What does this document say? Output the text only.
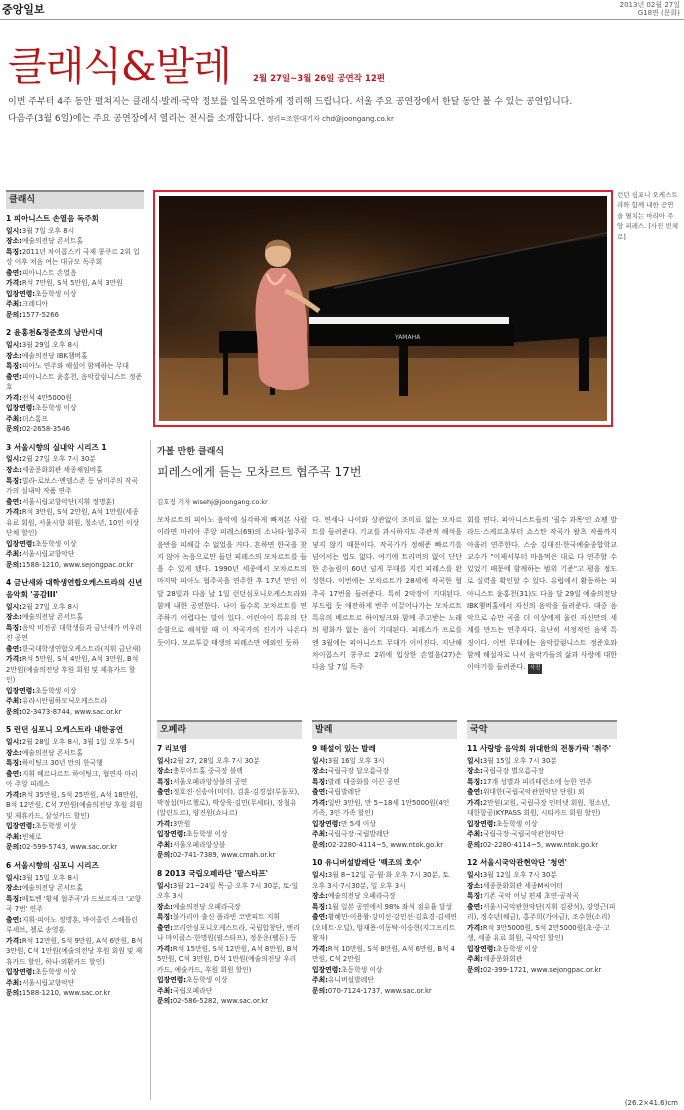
중앙일보	2013년 02월 27일
G18면 (문화)
클래식&발레	2월 27일~3월 26일 공연작 12편
이번 주부터 4주 동안 펼쳐지는 클래식·발레·국악 정보를 일목요연하게 정리해 드립니다. 서울 주요 공연장에서 한달 동안 볼 수 있는 공연입니다.
다음주(3월 6일)에는 주요 공연장에서 열리는 전시를 소개합니다. 정리=조한대기자 chd@joongang.co.kr
클래식
1 피아니스트 손열음 독주회
일시:3월 7일 오후 8시
장소:예술의전당 콘서트홀
특징:2011년 차이콥스키 국제 콩쿠르 2위 입상 이후 처음 여는 대규모 독주회
출연:피아니스트 손열음
가격:R석 7만원, S석 5만원, A석 3만원
입장연령:초등학생 이상
주최:크레디아
문의:1577-5266
2 윤홍천&정준호의 낭만시대
일시:3월 29일 오후 8시
장소:예술의전당 IBK챔버홀
특징:피아노 연주와 해설이 함께하는 무대
출연:피아니스트 윤홍천, 음악칼럼니스트 정준호
가격:전석 4만5000원
입장연령:초등학생 이상
주최:더스톰프
문의:02-2658-3546
3 서울시향의 실내악 시리즈 1
일시:2월 27일 오후 7시 30분
장소:세종문화회관 세종체임버홀
특징:빌라-로보스·멘델스존 등 남미주의 작곡가의 실내악 작품 연주
출연:서울시립교향악단(지휘 정명훈)
가격:R석 3만원, S석 2만원, A석 1만원(세종유료 회원, 서울시향 회원, 청소년, 10인 이상 단체 할인)
입장연령:초등학생 이상
주최:서울시립교향악단
문의:1588-1210, www.sejongpac.or.kr
4 금난새와 대학생연합오케스트라의 신년음악회 '공감III'
일시:2월 27일 오후 8시
장소:예술의전당 콘서트홀
특징:음악 비전공 대학생들과 금난새가 어우러진 공연
출연:한국대학생연합오케스트라(지휘 금난새)
가격:R석 5만원, S석 4만원, A석 3만원, B석 2만원(예술의전당 후원 회원 및 제휴카드 할인)
입장연령:초등학생 이상
주최:유라시안필하모닉오케스트라
문의:02-3473-8744, www.sac.or.kr
5 런던 심포니 오케스트라 내한공연
일시:2월 28일 오후 8시, 3월 1일 오후 5시
장소:예술의전당 콘서트홀
특징:하이팅크 30년 만의 한국행
출연:지휘 베르나르트 하이팅크, 협연자 마리아 주앙 피레스
가격:R석 35만원, S석 25만원, A석 18만원, B석 12만원, C석 7만원(예술의전당 후원 회원 및 제휴카드, 삼성카드 할인)
입장연령:초등학생 이상
주최:빈체로
문의:02-599-5743, www.sac.or.kr
6 서울시향의 심포니 시리즈
일시:3월 15일 오후 8시
장소:예술의전당 콘서트홀
특징:베토벤 '황제 협주곡'과 드보르자크 '교향곡 7번' 연주
출연:지휘·피아노 정명훈, 바이올린 스베틀린 루세브, 첼로 송영훈
가격:R석 12만원, S석 9만원, A석 6만원, B석 3만원, C석 1만원(예술의전당 후원 회원 및 제휴카드 할인, 하나·외환카드 할인)
입장연령:초등학생 이상
주최:서울시립교향악단
문의:1588-1210, www.sac.or.kr
YAMAHA
런던 심포니 오케스트라와 함께 내한 공연을 펼치는 마리아 주앙 피레스. [사진 빈체로]
가볼 만한 클래식
피레스에게 듣는 모차르트 협주곡 17번
김호정 기자 wisehj@joongang.co.kr
모차르트의 피아노 음악에 심각하게 빠져본 사람이라면 마리아 주앙 피레스(69)의 소나타·협주곡 음반을 피해갈 수 없었을 거다. 흔하면 한국을 찾지 않아 녹음으로만 들던 피레스의 모차르트를 들을 수 있게 됐다. 1990년 세종에서 모차르트의 마지막 피아노 협주곡을 연주한 후 17년 만인 이달 28일과 다음 날 1일 런던심포니오케스트라와 함께 내한 공연한다. 나이 들수록 모차르트를 연주하기 어렵다는 말이 있다. 어린아이 특유의 단순함으로 해석할 때 이 작곡가의 진가가 나온다 듯이다. 모르투갈 태생의 피레스만 예외인 듯하
다. 연세나 나이와 상관없이 조미료 없는 모차르트를 들려준다. 기교를 과시하지도 주관적 해석을 넣지 않기 때문이다. 작곡가가 정해준 빠르기를 넘어서는 법도 없다. 여기에 트리머의 없이 단단한 손놀림이 60년 넘게 무대를 지킨 피레스를 완성한다. 이번에는 모차르트가 28세에 작곡한 협주곡 17번을 들려준다. 특히 2악장이 기대된다. 부드럽 듯 애잔하게 반주 이끌어나가는 모차르트 특유의 베르트르 하이팅크와 함께 주고받는 노래의 평화가 없는 음이 기대된다. 피레스가 프로를 엔 3월에는 피아니스트 무대가 이어진다. 지난해 차이콥스키 콩쿠르 2위에 입상한 손열음(27)은 다음 달 7일 독주
회를 연다. 피아니스트들의 '필수 과목'인 쇼팽 발라드·스케르초부터 쇼스탄 작곡가 왈츠 작품까지 아울러 연주한다. 스승 김대진·한국예술종합학교 교수가 "이제서부터 마음먹은 대로 다 연주할 수 있었기 때문에 함께하는 범위 기준"고 평을 정도로 실력을 확인할 수 있다. 유럽에서 활동하는 피아니스트 윤홍천(31)도 다음 달 29일 예술의전당 IBK챔버홀에서 자신의 음악을 들려준다. 대중 음악으로 슈만 곡을 더 이상에게 울린 자신만의 세계를 만드는 연주자다. 유난히 서정적인 음색 특징이다. 이번 무대에는 음악칼럼니스트 정준호와 함께 해설자로 나서 음악가들의 삶과 사랑에 대한 이야기를 들려준다. 사진
오페라
7 리보엠
일시:2월 27, 28일 오후 7시 30분
장소:충무아트홀 중극장 블랙
특징:서울오페라앙상블의 공연
출연:정호진·신승아(미미), 김훈·김경섭(루돌포), 박정섭(마르첼로), 박상욱·김민(무세타), 장철유(알린도르), 양진원(쇼나르)
가격:3만원
입장연령:초등학생 이상
주최:서울오페라앙상블
문의:02-741-7389, www.cmah.or.kr
8 2013 국립오페라단 '팔스타프'
일시:3월 21~24일 목·금 오후 7시 30분, 토·일 오후 3시
장소:예술의전당 오페라극장
특징:불가리아 출신 플라빈 코반피트 지휘
출연:코리안심포니오케스트라, 국립합창단, 엔리나 마이클스·한명원(팔스타프), 정운운(펠돈) 등
가격:R석 15만원, S석 12만원, A석 8만원, B석 5만원, C석 3만원, D석 1만원(예술의전당 우리카드, 예술카드, 후원 회원 할인)
입장연령:초등학생 이상
주최:국립오페라단
문의:02-586-5282, www.sac.or.kr
발레
9 해설이 있는 발레
일시:3월 16일 오후 3시
장소:국립극장 달오름극장
특징:발레 대중화를 이끈 공연
출연:국립발레단
가격:일반 3만원, 만 5~18세 1만5000원(4인 가족, 3인 가족 할인)
입장연령:만 5세 이상
주최:국립극장·국립발레단
문의:02-2280-4114~5, www.ntok.go.kr
10 유니버설발레단 '백조의 호수'
일시:3월 8~12일 금·월·화 오후 7시 30분, 토 오후 3시·7시30분, 일 오후 3시
장소:예술의전당 오페라극장
특징:1월 일본 공연에서 98% 좌석 점유율 달성
출연:황혜민·이용왕·강미선·강민선·김효경·김세연(오데트·오딜), 엄재용·이동탁·이승현(지그프리트 왕자)
가격:R석 10만원, S석 8만원, A석 6만원, B석 4만원, C석 2만원
입장연령:초등학생 이상
주최:유니버설발레단
문의:070-7124-1737, www.sac.or.kr
국악
11 사랑방 음악회 위대한의 전통가락 '취주'
일시:3월 15일 오후 7시 30분
장소:국립극장 별오름극장
특징:17개 성별과 피리테런소에 능한 연주
출연:위대한(국립국악관현악단 단원) 외
가격:2만원(교원, 국립극장 인터넷 회원, 청소년, 대한항공(KYPASS 회원, 시티카드 회원 할인)
입장연령:초등학생 이상
주최:국립극장·국립국악관현악단
문의:02-2280-4114~5, www.ntok.go.kr
12 서울시국악관현악단 '청연'
일시:3월 12일 오후 7시 30분
장소:세종문화회관 세종M씨어터
특징:기존 국악 어닝 편제 초연·공작곡
출연:서울시국악관현악단(지휘 김광석), 강영근(피리), 정수년(해금), 홍주희(가야금), 조수현(소리)
가격:R석 3만5000원, S석 2만5000원(초·중·고생, 세종 유료 회원, 국악인 할인)
입장연령:초등학생 이상
주최:세종문화회관
문의:02-399-1721, www.sejongpac.or.kr
(26.2×41.6)cm
